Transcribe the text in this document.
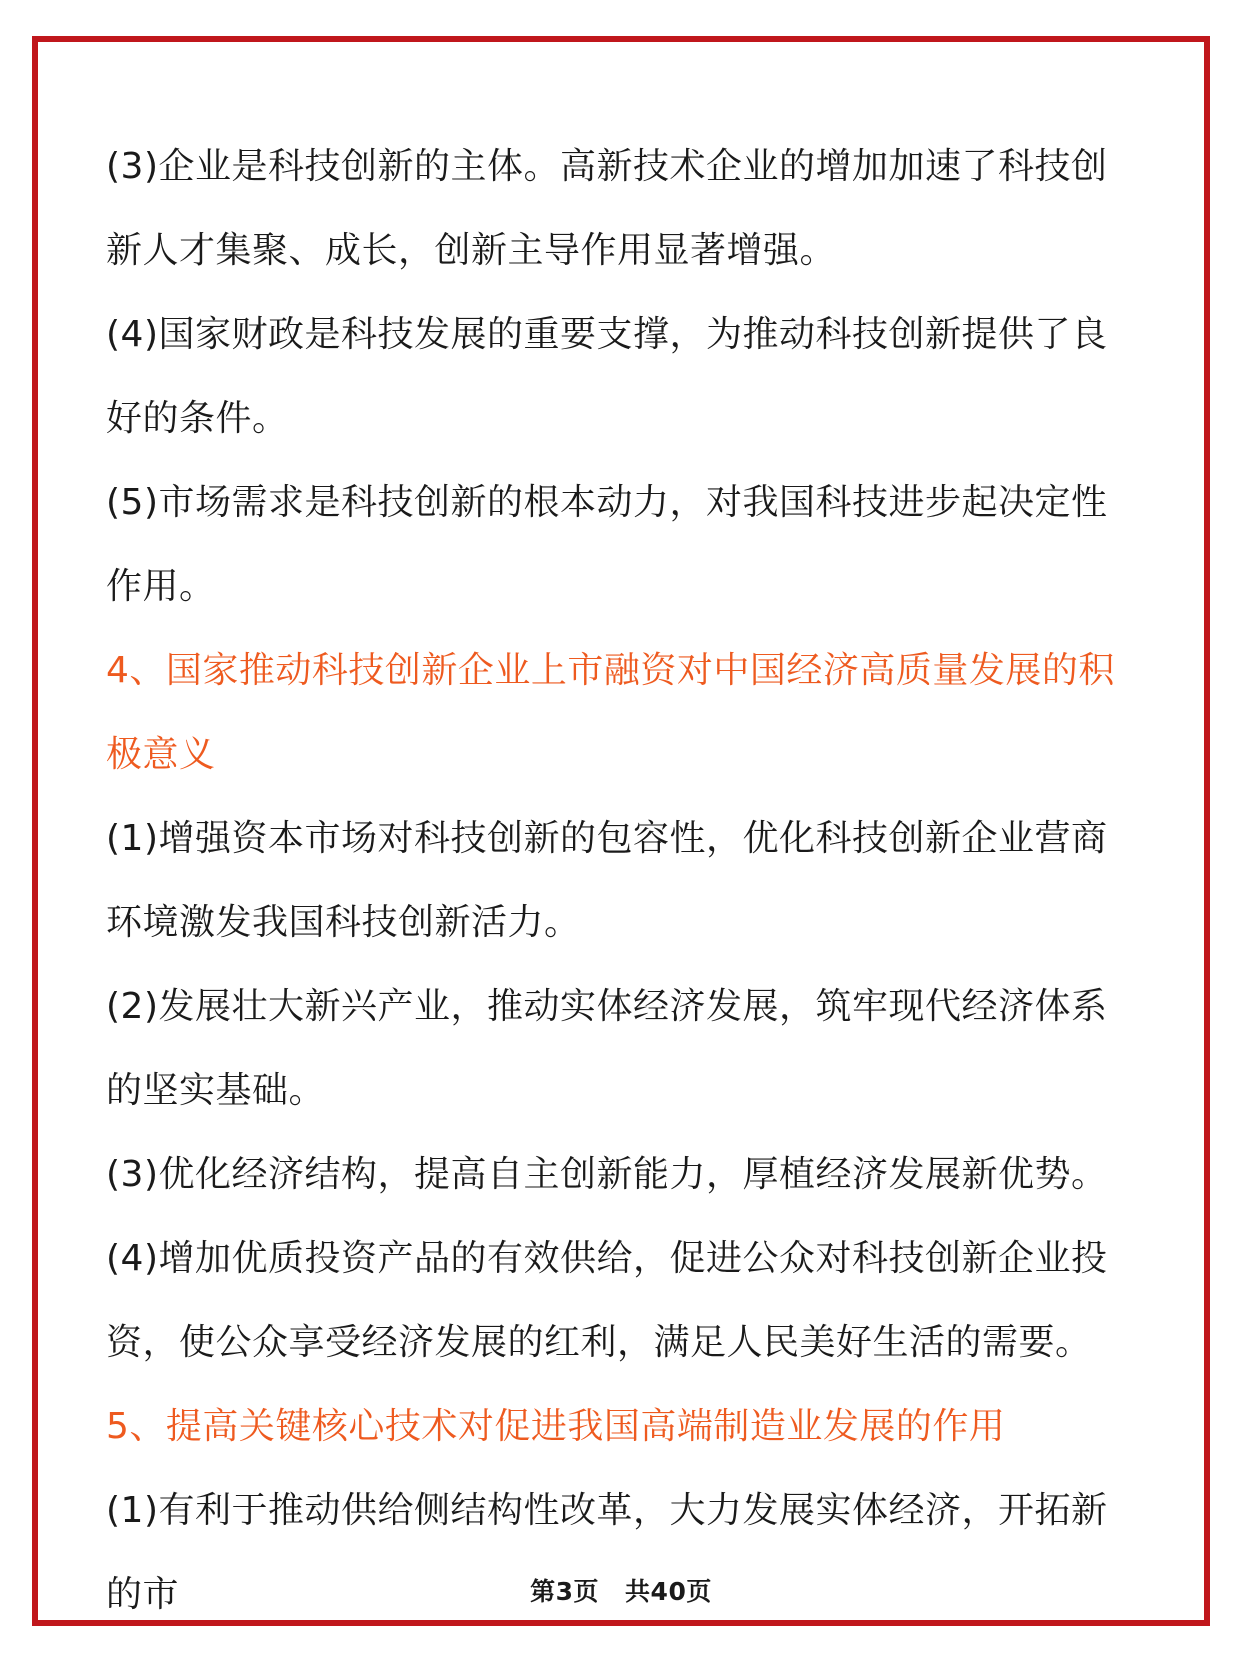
(3)企业是科技创新的主体。高新技术企业的增加加速了科技创新人才集聚、成长，创新主导作用显著增强。

(4)国家财政是科技发展的重要支撑，为推动科技创新提供了良好的条件。

(5)市场需求是科技创新的根本动力，对我国科技进步起决定性作用。

4、国家推动科技创新企业上市融资对中国经济高质量发展的积极意义

(1)增强资本市场对科技创新的包容性，优化科技创新企业营商环境激发我国科技创新活力。

(2)发展壮大新兴产业，推动实体经济发展，筑牢现代经济体系的坚实基础。

(3)优化经济结构，提高自主创新能力，厚植经济发展新优势。

(4)增加优质投资产品的有效供给，促进公众对科技创新企业投资，使公众享受经济发展的红利，满足人民美好生活的需要。

5、提高关键核心技术对促进我国高端制造业发展的作用

(1)有利于推动供给侧结构性改革，大力发展实体经济，开拓新的市	第3页 共40页
